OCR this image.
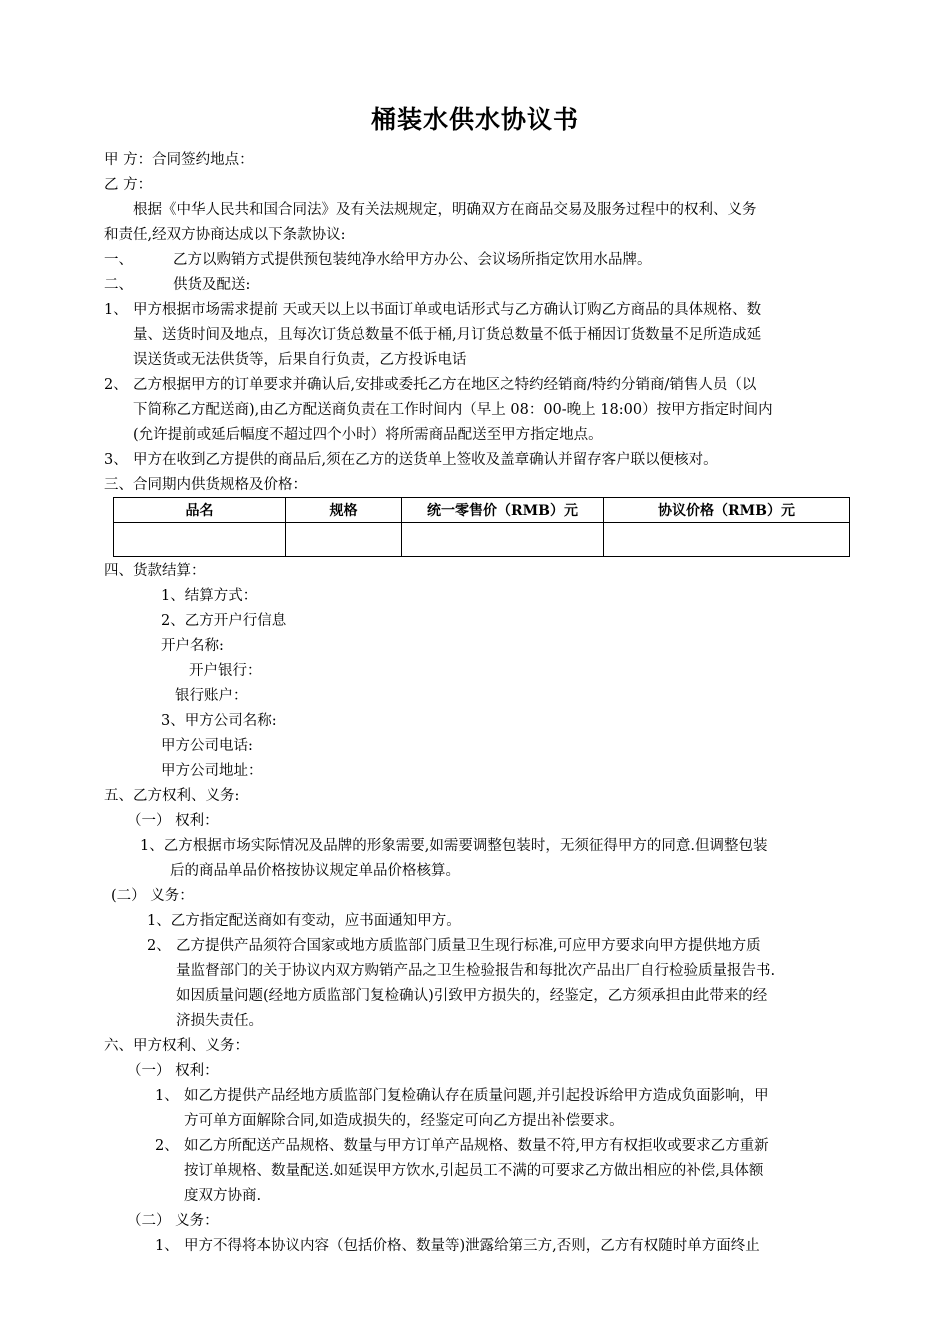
桶装水供水协议书
甲 方：合同签约地点：
乙 方：
根据《中华人民共和国合同法》及有关法规规定，明确双方在商品交易及服务过程中的权利、义务
和责任,经双方协商达成以下条款协议:
一、	乙方以购销方式提供预包装纯净水给甲方办公、会议场所指定饮用水品牌。
二、	供货及配送:
1、 甲方根据市场需求提前 天或天以上以书面订单或电话形式与乙方确认订购乙方商品的具体规格、数
量、送货时间及地点，且每次订货总数量不低于桶,月订货总数量不低于桶因订货数量不足所造成延
误送货或无法供货等，后果自行负责，乙方投诉电话
2、 乙方根据甲方的订单要求并确认后,安排或委托乙方在地区之特约经销商/特约分销商/销售人员（以
下简称乙方配送商),由乙方配送商负责在工作时间内（早上 08：00-晚上 18:00）按甲方指定时间内
(允许提前或延后幅度不超过四个小时）将所需商品配送至甲方指定地点。
3、 甲方在收到乙方提供的商品后,须在乙方的送货单上签收及盖章确认并留存客户联以便核对。
三、合同期内供货规格及价格：
品名	规格	统一零售价（RMB）元	协议价格（RMB）元

四、货款结算：
1、结算方式：
2、乙方开户行信息
开户名称:
开户银行：
银行账户：
3、甲方公司名称:
甲方公司电话:
甲方公司地址：
五、乙方权利、义务:
（一） 权利：
1、乙方根据市场实际情况及品牌的形象需要,如需要调整包装时，无须征得甲方的同意.但调整包装
后的商品单品价格按协议规定单品价格核算。
(二） 义务：
1、乙方指定配送商如有变动，应书面通知甲方。
2、 乙方提供产品须符合国家或地方质监部门质量卫生现行标准,可应甲方要求向甲方提供地方质
量监督部门的关于协议内双方购销产品之卫生检验报告和每批次产品出厂自行检验质量报告书.
如因质量问题(经地方质监部门复检确认)引致甲方损失的，经鉴定，乙方须承担由此带来的经
济损失责任。
六、甲方权利、义务：
（一） 权利：
1、 如乙方提供产品经地方质监部门复检确认存在质量问题,并引起投诉给甲方造成负面影响，甲
方可单方面解除合同,如造成损失的，经鉴定可向乙方提出补偿要求。
2、 如乙方所配送产品规格、数量与甲方订单产品规格、数量不符,甲方有权拒收或要求乙方重新
按订单规格、数量配送.如延误甲方饮水,引起员工不满的可要求乙方做出相应的补偿,具体额
度双方协商.
（二） 义务：
1、 甲方不得将本协议内容（包括价格、数量等)泄露给第三方,否则，乙方有权随时单方面终止
